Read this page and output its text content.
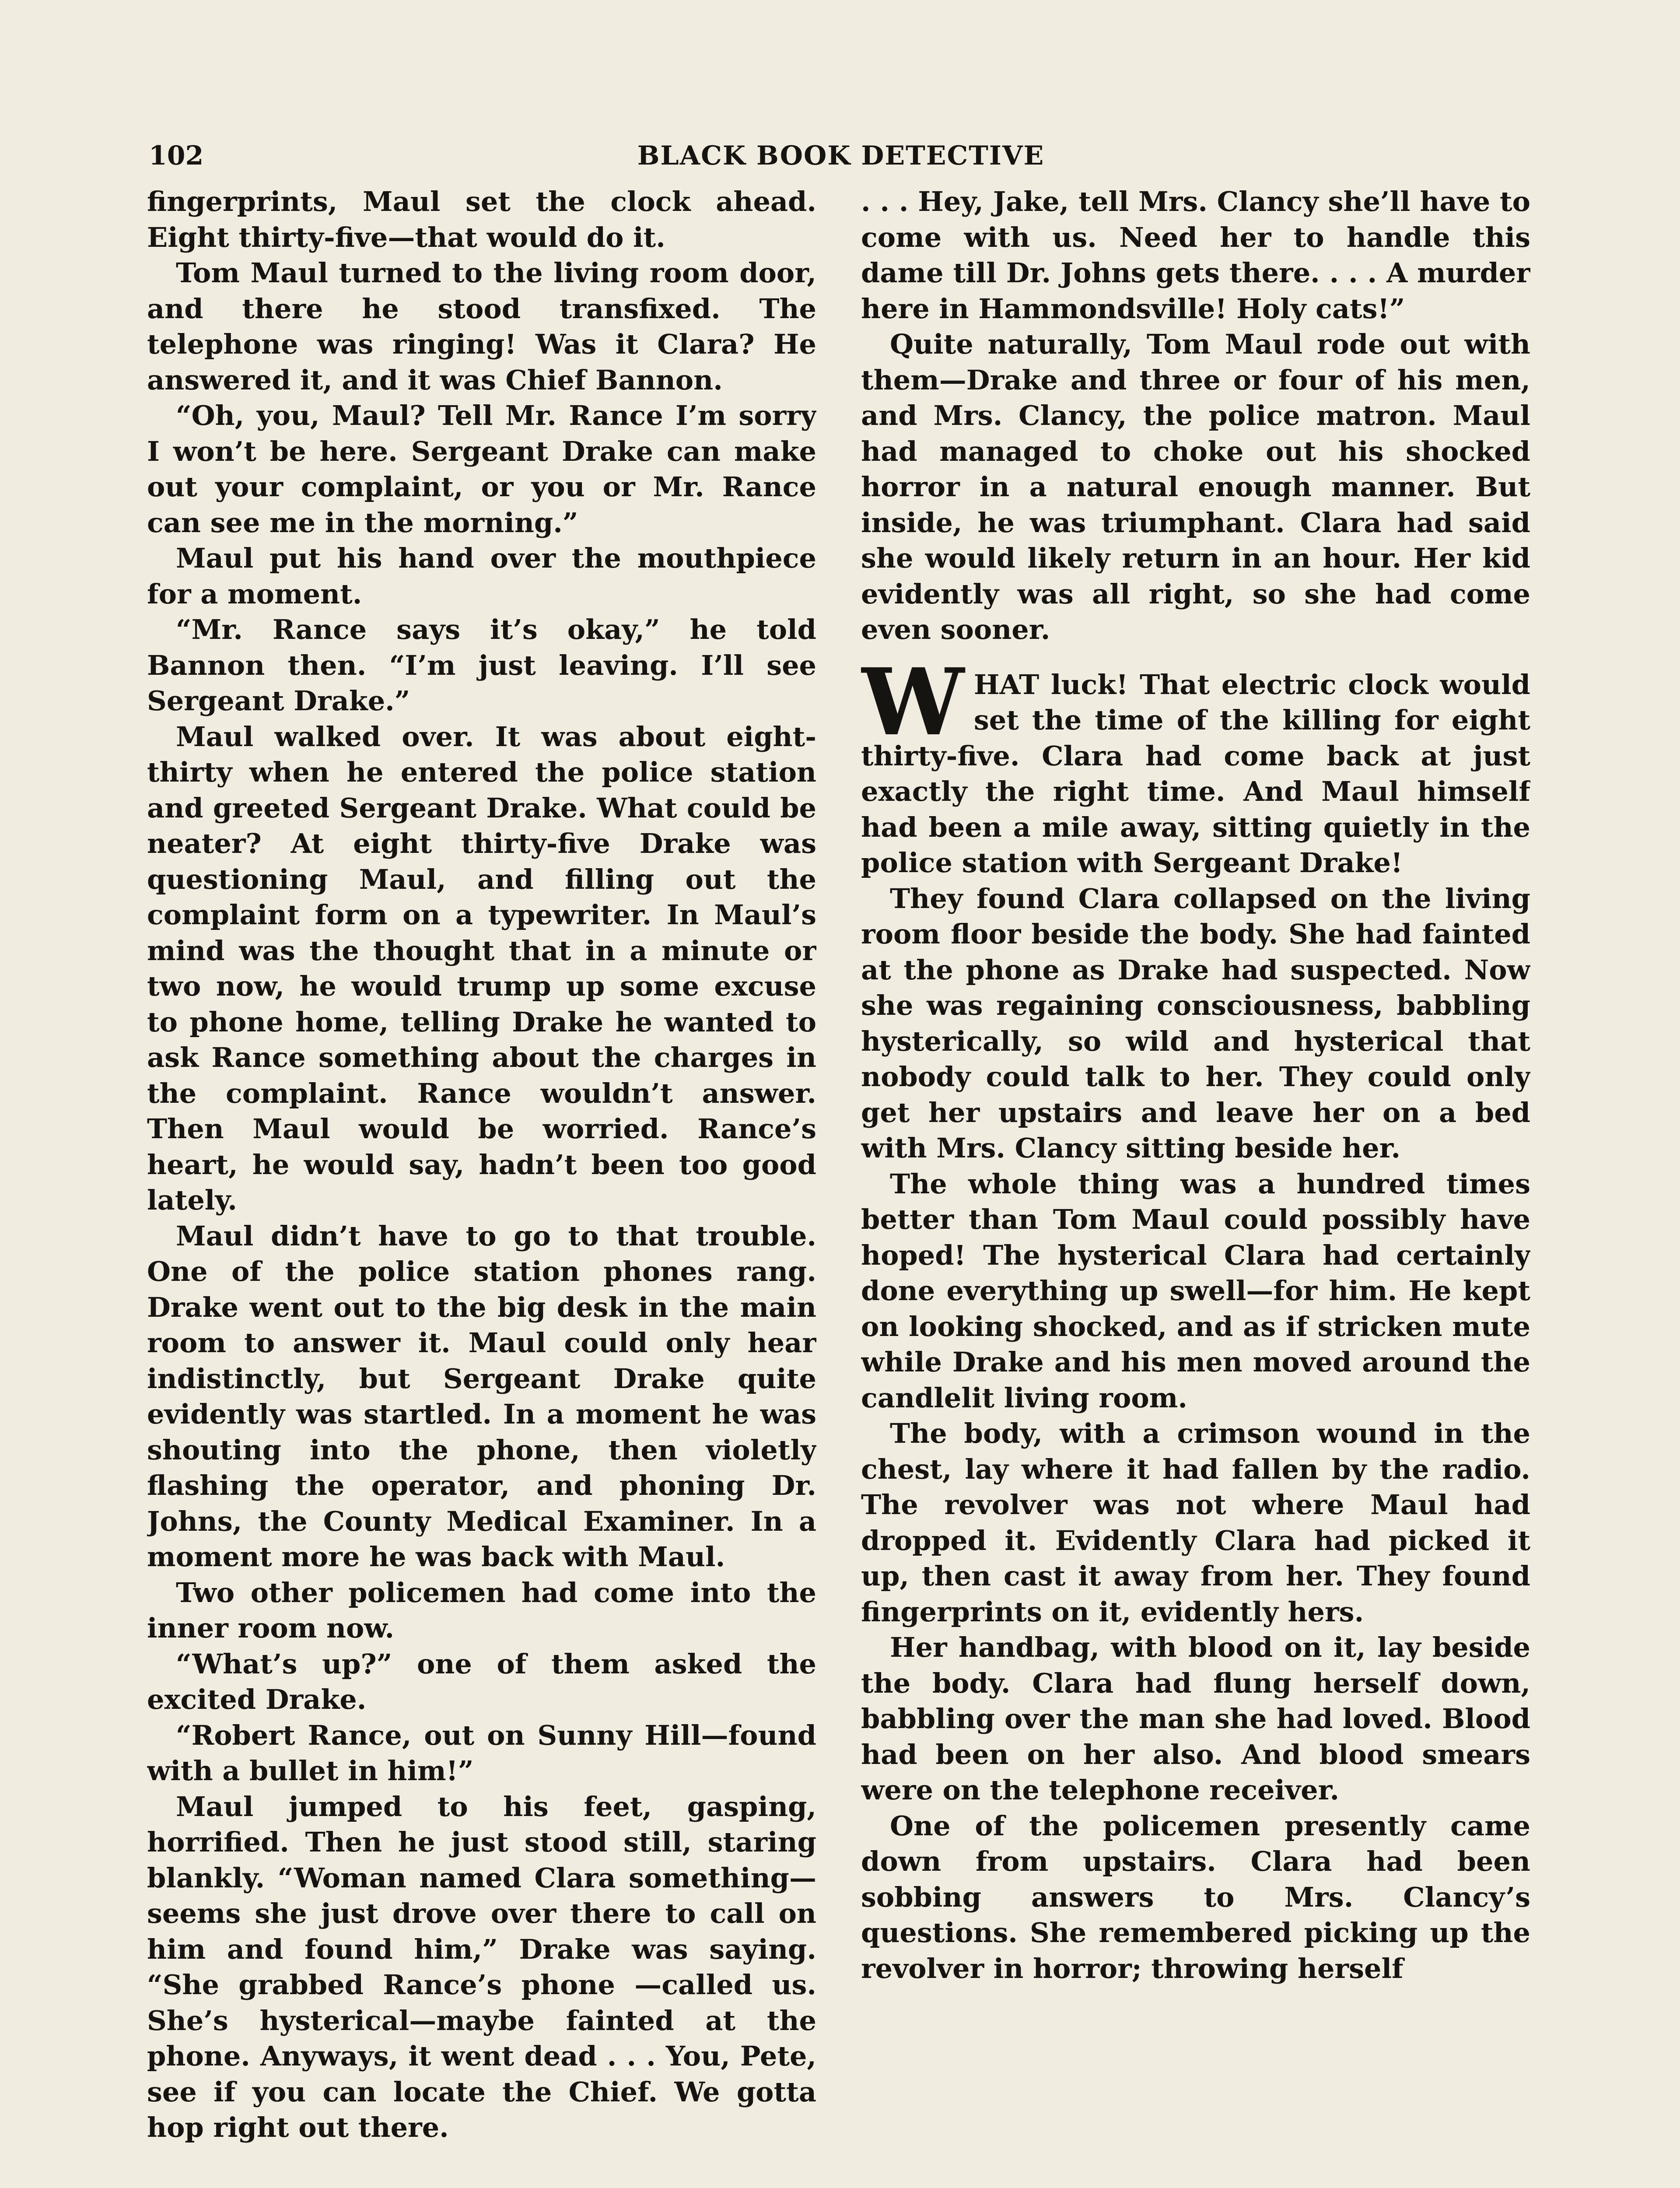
102	BLACK BOOK DETECTIVE

fingerprints, Maul set the clock ahead. Eight thirty-five—that would do it.

Tom Maul turned to the living room door, and there he stood transfixed. The telephone was ringing! Was it Clara? He answered it, and it was Chief Bannon.

“Oh, you, Maul? Tell Mr. Rance I’m sorry I won’t be here. Sergeant Drake can make out your complaint, or you or Mr. Rance can see me in the morning.”

Maul put his hand over the mouthpiece for a moment.

“Mr. Rance says it’s okay,” he told Bannon then. “I’m just leaving. I’ll see Sergeant Drake.”

Maul walked over. It was about eight-thirty when he entered the police station and greeted Sergeant Drake. What could be neater? At eight thirty-five Drake was questioning Maul, and filling out the complaint form on a typewriter. In Maul’s mind was the thought that in a minute or two now, he would trump up some excuse to phone home, telling Drake he wanted to ask Rance something about the charges in the complaint. Rance wouldn’t answer. Then Maul would be worried. Rance’s heart, he would say, hadn’t been too good lately.

Maul didn’t have to go to that trouble. One of the police station phones rang. Drake went out to the big desk in the main room to answer it. Maul could only hear indistinctly, but Sergeant Drake quite evidently was startled. In a moment he was shouting into the phone, then violetly flashing the operator, and phoning Dr. Johns, the County Medical Examiner. In a moment more he was back with Maul.

Two other policemen had come into the inner room now.

“What’s up?” one of them asked the excited Drake.

“Robert Rance, out on Sunny Hill—found with a bullet in him!”

Maul jumped to his feet, gasping, horrified. Then he just stood still, staring blankly. “Woman named Clara something—seems she just drove over there to call on him and found him,” Drake was saying. “She grabbed Rance’s phone —called us. She’s hysterical—maybe fainted at the phone. Anyways, it went dead . . . You, Pete, see if you can locate the Chief. We gotta hop right out there.

. . . Hey, Jake, tell Mrs. Clancy she’ll have to come with us. Need her to handle this dame till Dr. Johns gets there. . . . A murder here in Hammondsville! Holy cats!”

Quite naturally, Tom Maul rode out with them—Drake and three or four of his men, and Mrs. Clancy, the police matron. Maul had managed to choke out his shocked horror in a natural enough manner. But inside, he was triumphant. Clara had said she would likely return in an hour. Her kid evidently was all right, so she had come even sooner.

WHAT luck! That electric clock would set the time of the killing for eight thirty-five. Clara had come back at just exactly the right time. And Maul himself had been a mile away, sitting quietly in the police station with Sergeant Drake!

They found Clara collapsed on the living room floor beside the body. She had fainted at the phone as Drake had suspected. Now she was regaining consciousness, babbling hysterically, so wild and hysterical that nobody could talk to her. They could only get her upstairs and leave her on a bed with Mrs. Clancy sitting beside her.

The whole thing was a hundred times better than Tom Maul could possibly have hoped! The hysterical Clara had certainly done everything up swell—for him. He kept on looking shocked, and as if stricken mute while Drake and his men moved around the candlelit living room.

The body, with a crimson wound in the chest, lay where it had fallen by the radio. The revolver was not where Maul had dropped it. Evidently Clara had picked it up, then cast it away from her. They found fingerprints on it, evidently hers.

Her handbag, with blood on it, lay beside the body. Clara had flung herself down, babbling over the man she had loved. Blood had been on her also. And blood smears were on the telephone receiver.

One of the policemen presently came down from upstairs. Clara had been sobbing answers to Mrs. Clancy’s questions. She remembered picking up the revolver in horror; throwing herself
